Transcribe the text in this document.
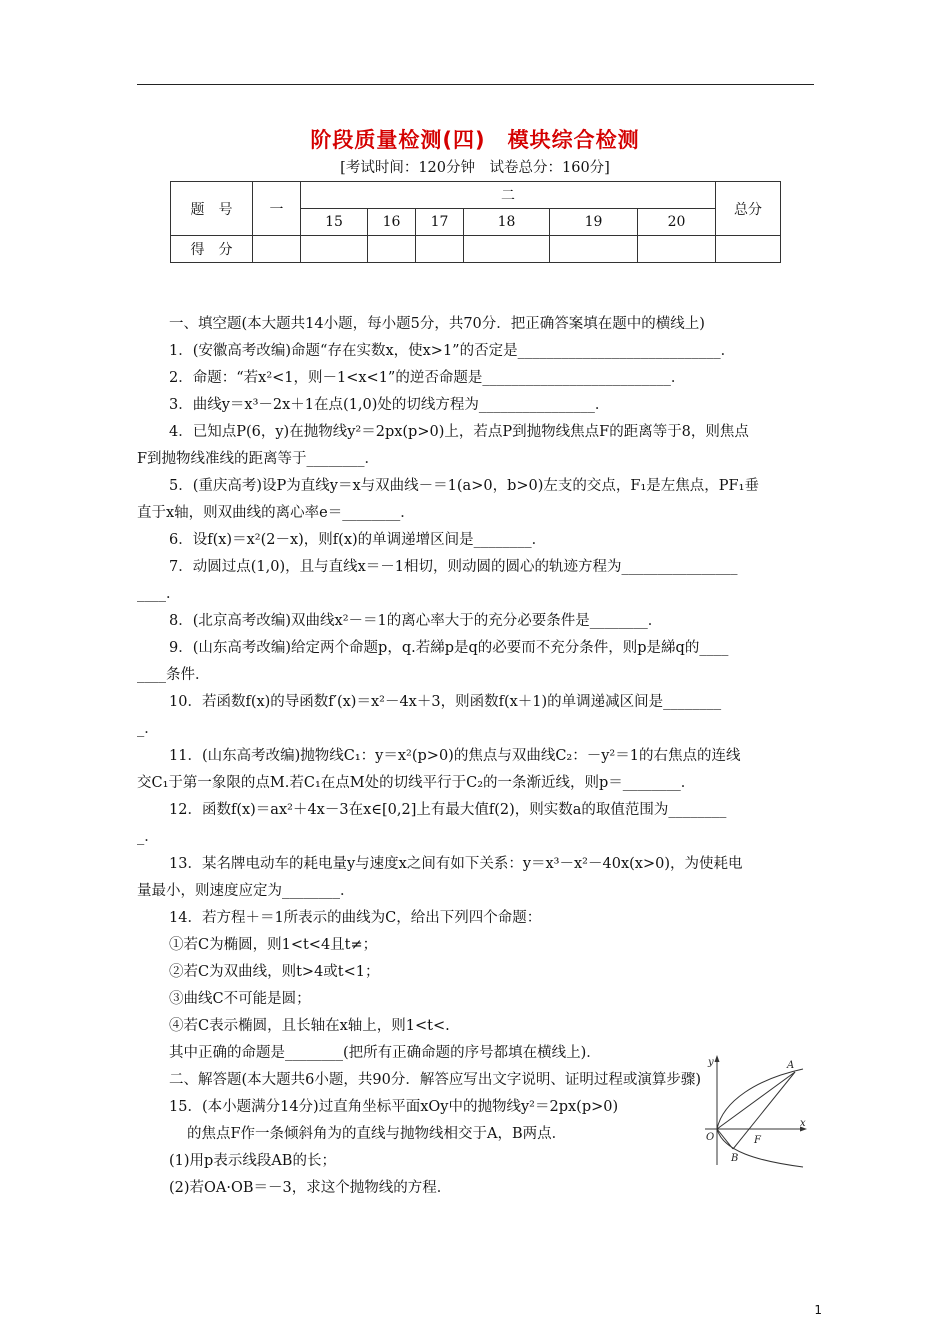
阶段质量检测(四)　模块综合检测
[考试时间：120分钟　试卷总分：160分]
题　号	一	二						总分
		15	16	17	18	19	20	
得　分								
一、填空题(本大题共14小题，每小题5分，共70分．把正确答案填在题中的横线上)
1．(安徽高考改编)命题“存在实数x，使x>1”的否定是____________________________．
2．命题：“若x²<1，则－1<x<1”的逆否命题是__________________________．
3．曲线y＝x³－2x＋1在点(1,0)处的切线方程为________________．
4．已知点P(6，y)在抛物线y²＝2px(p>0)上，若点P到抛物线焦点F的距离等于8，则焦点
F到抛物线准线的距离等于________．
5．(重庆高考)设P为直线y＝x与双曲线－＝1(a>0，b>0)左支的交点，F₁是左焦点，PF₁垂
直于x轴，则双曲线的离心率e＝________．
6．设f(x)＝x²(2－x)，则f(x)的单调递增区间是________．
7．动圆过点(1,0)，且与直线x＝－1相切，则动圆的圆心的轨迹方程为________________
____．
8．(北京高考改编)双曲线x²－＝1的离心率大于的充分必要条件是________．
9．(山东高考改编)给定两个命题p，q.若綈p是q的必要而不充分条件，则p是綈q的____
____条件．
10．若函数f(x)的导函数f′(x)＝x²－4x＋3，则函数f(x＋1)的单调递减区间是________
_．
11．(山东高考改编)抛物线C₁：y＝x²(p>0)的焦点与双曲线C₂：－y²＝1的右焦点的连线
交C₁于第一象限的点M.若C₁在点M处的切线平行于C₂的一条渐近线，则p＝________．
12．函数f(x)＝ax²＋4x－3在x∈[0,2]上有最大值f(2)，则实数a的取值范围为________
_．
13．某名牌电动车的耗电量y与速度x之间有如下关系：y＝x³－x²－40x(x>0)，为使耗电
量最小，则速度应定为________．
14．若方程＋＝1所表示的曲线为C，给出下列四个命题：
①若C为椭圆，则1<t<4且t≠；
②若C为双曲线，则t>4或t<1；
③曲线C不可能是圆；
④若C表示椭圆，且长轴在x轴上，则1<t<.
其中正确的命题是________(把所有正确命题的序号都填在横线上)．
二、解答题(本大题共6小题，共90分．解答应写出文字说明、证明过程或演算步骤)
15．(本小题满分14分)过直角坐标平面xOy中的抛物线y²＝2px(p>0)
的焦点F作一条倾斜角为的直线与抛物线相交于A，B两点．
(1)用p表示线段AB的长；
(2)若OA·OB＝－3，求这个抛物线的方程．
y
x
O	F
A
B
1
